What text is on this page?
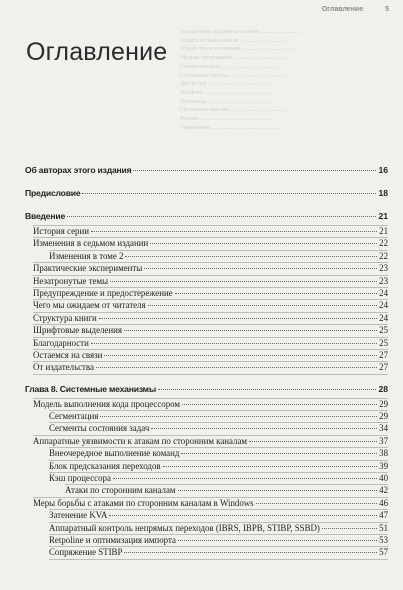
Оглавление	5
Аппаратная поддержка памяти ...........................
Защита от выполнения ...................................
Обработка исключений ...................................
Модель прерываний ......................................
Синхронизация ..........................................
Системные потоки .......................................
Диспетчер .............................................
Windows ...............................................
Процессы ..............................................
Системные вызовы ......................................
Резюме ................................................
Управление ............................................
Оглавление
Об авторах этого издания	16
Предисловие	18
Введение	21
История серии	21
Изменения в седьмом издании	22
Изменения в томе 2	22
Практические эксперименты	23
Незатронутые темы	23
Предупреждение и предостережение	24
Чего мы ожидаем от читателя	24
Структура книги	24
Шрифтовые выделения	25
Благодарности	25
Остаемся на связи	27
От издательства	27
Глава 8. Системные механизмы	28
Модель выполнения кода процессором	29
Сегментация	29
Сегменты состояния задач	34
Аппаратные уязвимости к атакам по сторонним каналам	37
Внеочередное выполнение команд	38
Блок предсказания переходов	39
Кэш процессора	40
Атаки по сторонним каналам	42
Меры борьбы с атаками по сторонним каналам в Windows	46
Затенение KVA	47
Аппаратный контроль непрямых переходов (IBRS, IBPB, STIBP, SSBD)	51
Retpoline и оптимизация импорта	53
Сопряжение STIBP	57
